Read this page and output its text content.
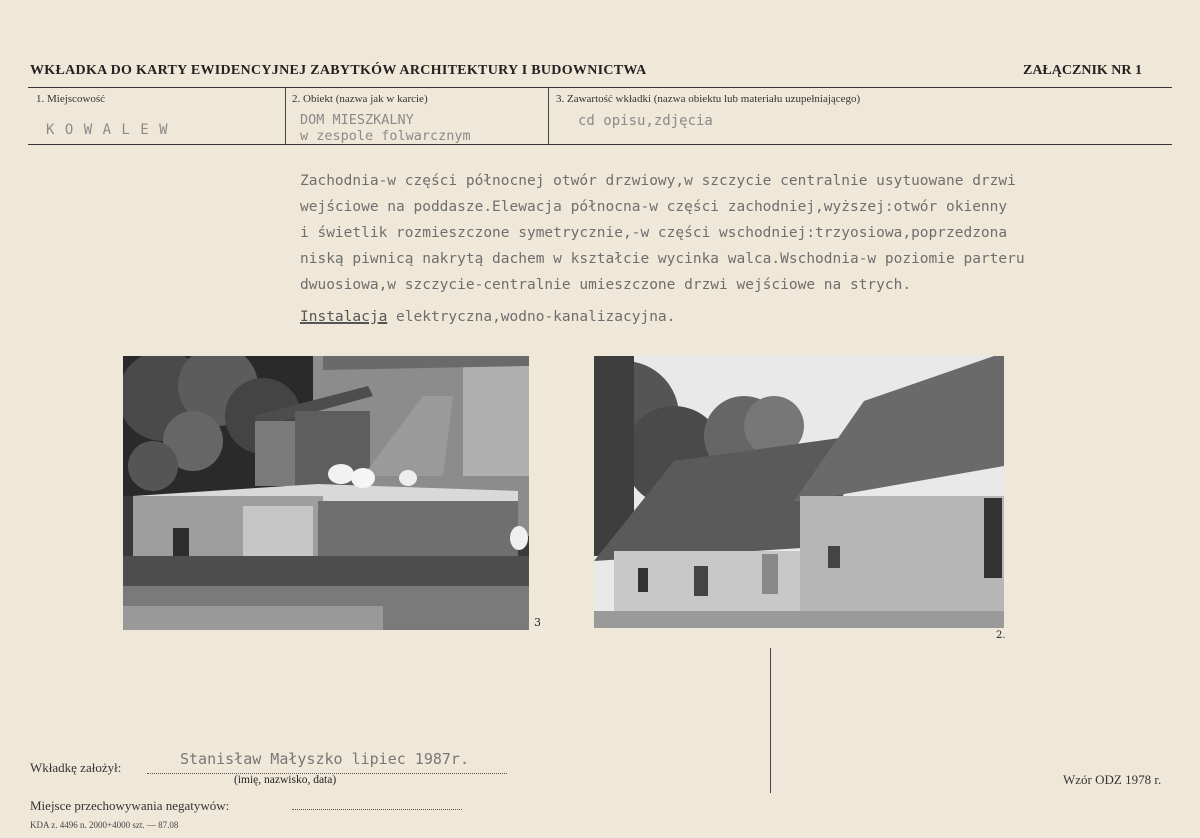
WKŁADKA DO KARTY EWIDENCYJNEJ ZABYTKÓW ARCHITEKTURY I BUDOWNICTWA	ZAŁĄCZNIK NR 1
1. Miejscowość
K O W A L E W
2. Obiekt (nazwa jak w karcie)
DOM MIESZKALNY
w zespole folwarcznym
3. Zawartość wkładki (nazwa obiektu lub materiału uzupełniającego)
cd opisu,zdjęcia

Zachodnia-w części północnej otwór drzwiowy,w szczycie centralnie usytuowane drzwi

wejściowe na poddasze.Elewacja północna-w części zachodniej,wyższej:otwór okienny

i świetlik rozmieszczone symetrycznie,-w części wschodniej:trzyosiowa,poprzedzona

niską piwnicą nakrytą dachem w kształcie wycinka walca.Wschodnia-w poziomie parteru

dwuosiowa,w szczycie-centralnie umieszczone drzwi wejściowe na strych.

Instalacja elektryczna,wodno-kanalizacyjna.

3
2.
Wkładkę założył:	Stanisław Małyszko lipiec 1987r.
(imię, nazwisko, data)
Miejsce przechowywania negatywów:
Wzór ODZ 1978 r.
KDA z. 4496 n. 2000+4000 szt. — 87.08
